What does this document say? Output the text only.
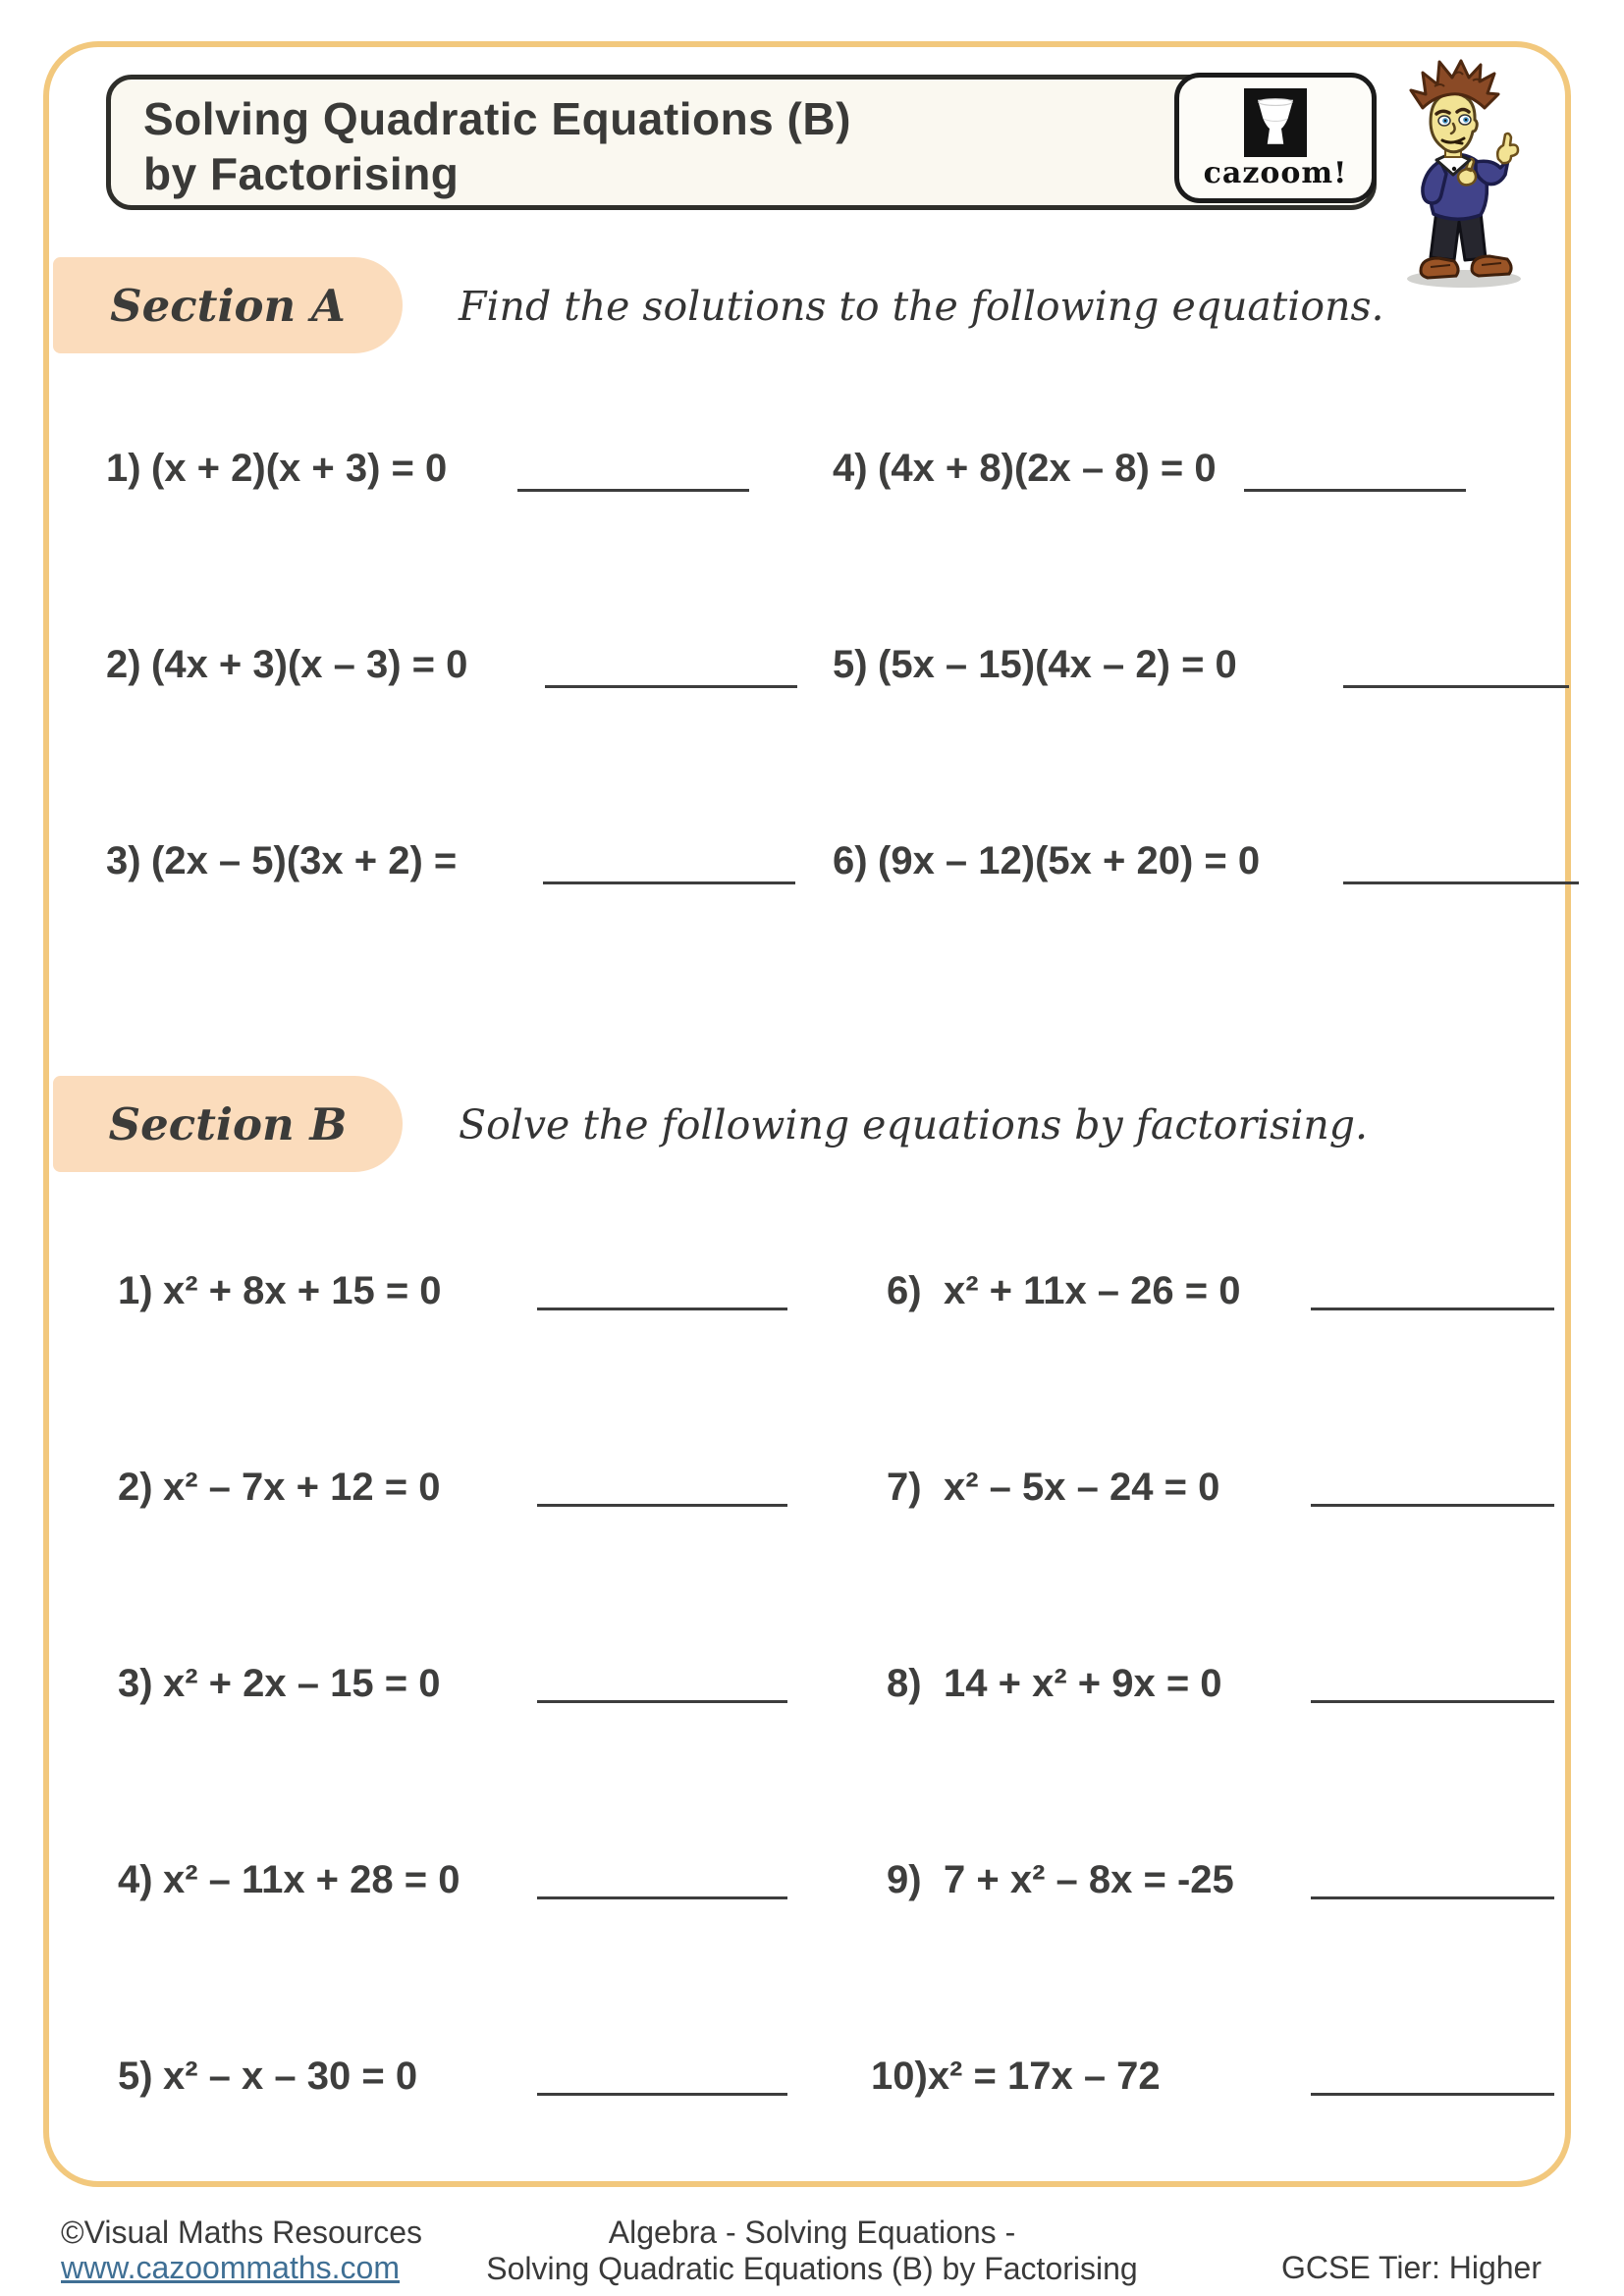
Solving Quadratic Equations (B)
by Factorising	cazoom!
Section A	Find the solutions to the following equations.
1) (x + 2)(x + 3) = 0
2) (4x + 3)(x – 3) = 0
3) (2x – 5)(3x + 2) =
4) (4x + 8)(2x – 8) = 0
5) (5x – 15)(4x – 2) = 0
6) (9x – 12)(5x + 20) = 0
Section B	Solve the following equations by factorising.
1) x² + 8x + 15 = 0
2) x² – 7x + 12 = 0
3) x² + 2x – 15 = 0
4) x² – 11x + 28 = 0
5) x² – x – 30 = 0
6) x² + 11x – 26 = 0
7) x² – 5x – 24 = 0
8) 14 + x² + 9x = 0
9) 7 + x² – 8x = -25
10) x² = 17x – 72
©Visual Maths Resources
www.cazoommaths.com
Algebra - Solving Equations -
Solving Quadratic Equations (B) by Factorising	GCSE Tier: Higher
